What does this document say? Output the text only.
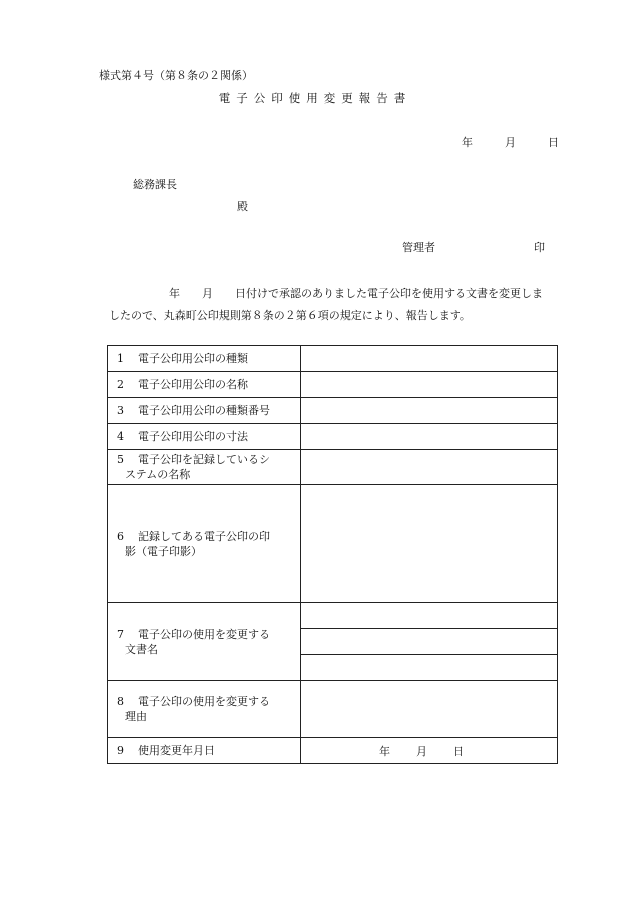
様式第４号（第８条の２関係）
電子公印使用変更報告書
年	月	日
総務課長
殿
管理者	印
年 月 日付けで承認のありました電子公印を使用する文書を変更しま
したので、丸森町公印規則第８条の２第６項の規定により、報告します。
1 電子公印用公印の種類	
2 電子公印用公印の名称	
3 電子公印用公印の種類番号	
4 電子公印用公印の寸法	
5 電子公印を記録しているシ
ステムの名称	

6 記録してある電子公印の印
影（電子印影）	

7 電子公印の使用を変更する
文書名	

8 電子公印の使用を変更する
理由	

9 使用変更年月日	年 月 日
